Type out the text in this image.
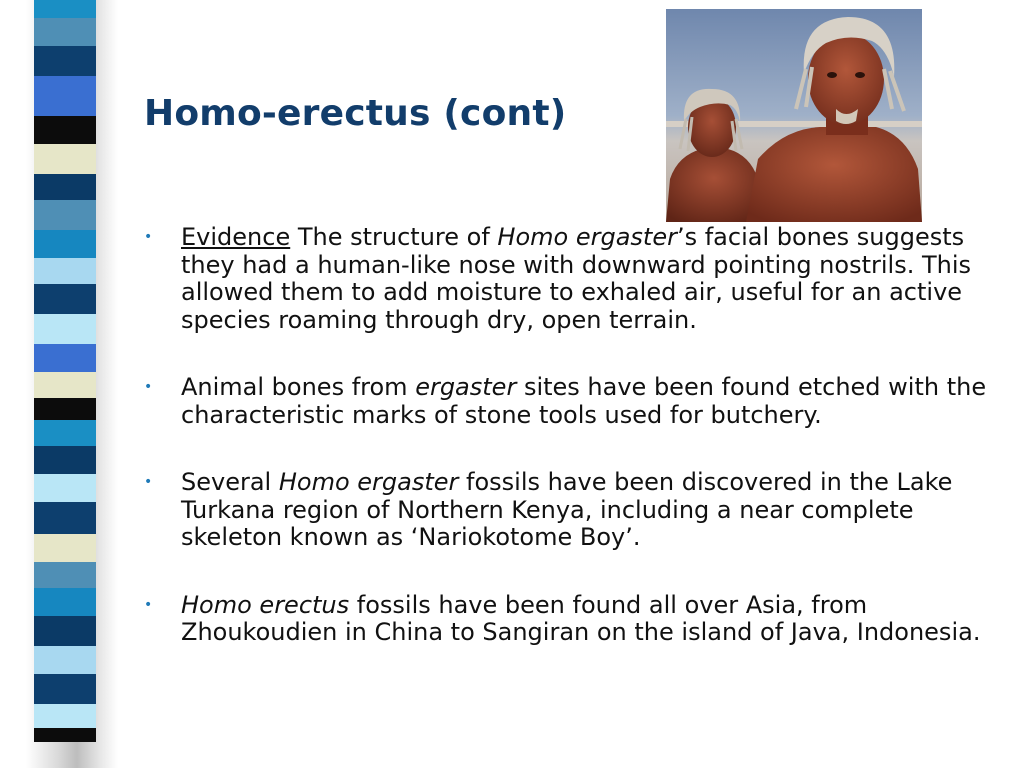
Homo-erectus (cont)
• Evidence The structure of Homo ergaster’s facial bones suggests they had a human-like nose with downward pointing nostrils. This allowed them to add moisture to exhaled air, useful for an active species roaming through dry, open terrain.
• Animal bones from ergaster sites have been found etched with the characteristic marks of stone tools used for butchery.
• Several Homo ergaster fossils have been discovered in the Lake Turkana region of Northern Kenya, including a near complete skeleton known as ‘Nariokotome Boy’.
• Homo erectus fossils have been found all over Asia, from Zhoukoudien in China to Sangiran on the island of Java, Indonesia.
